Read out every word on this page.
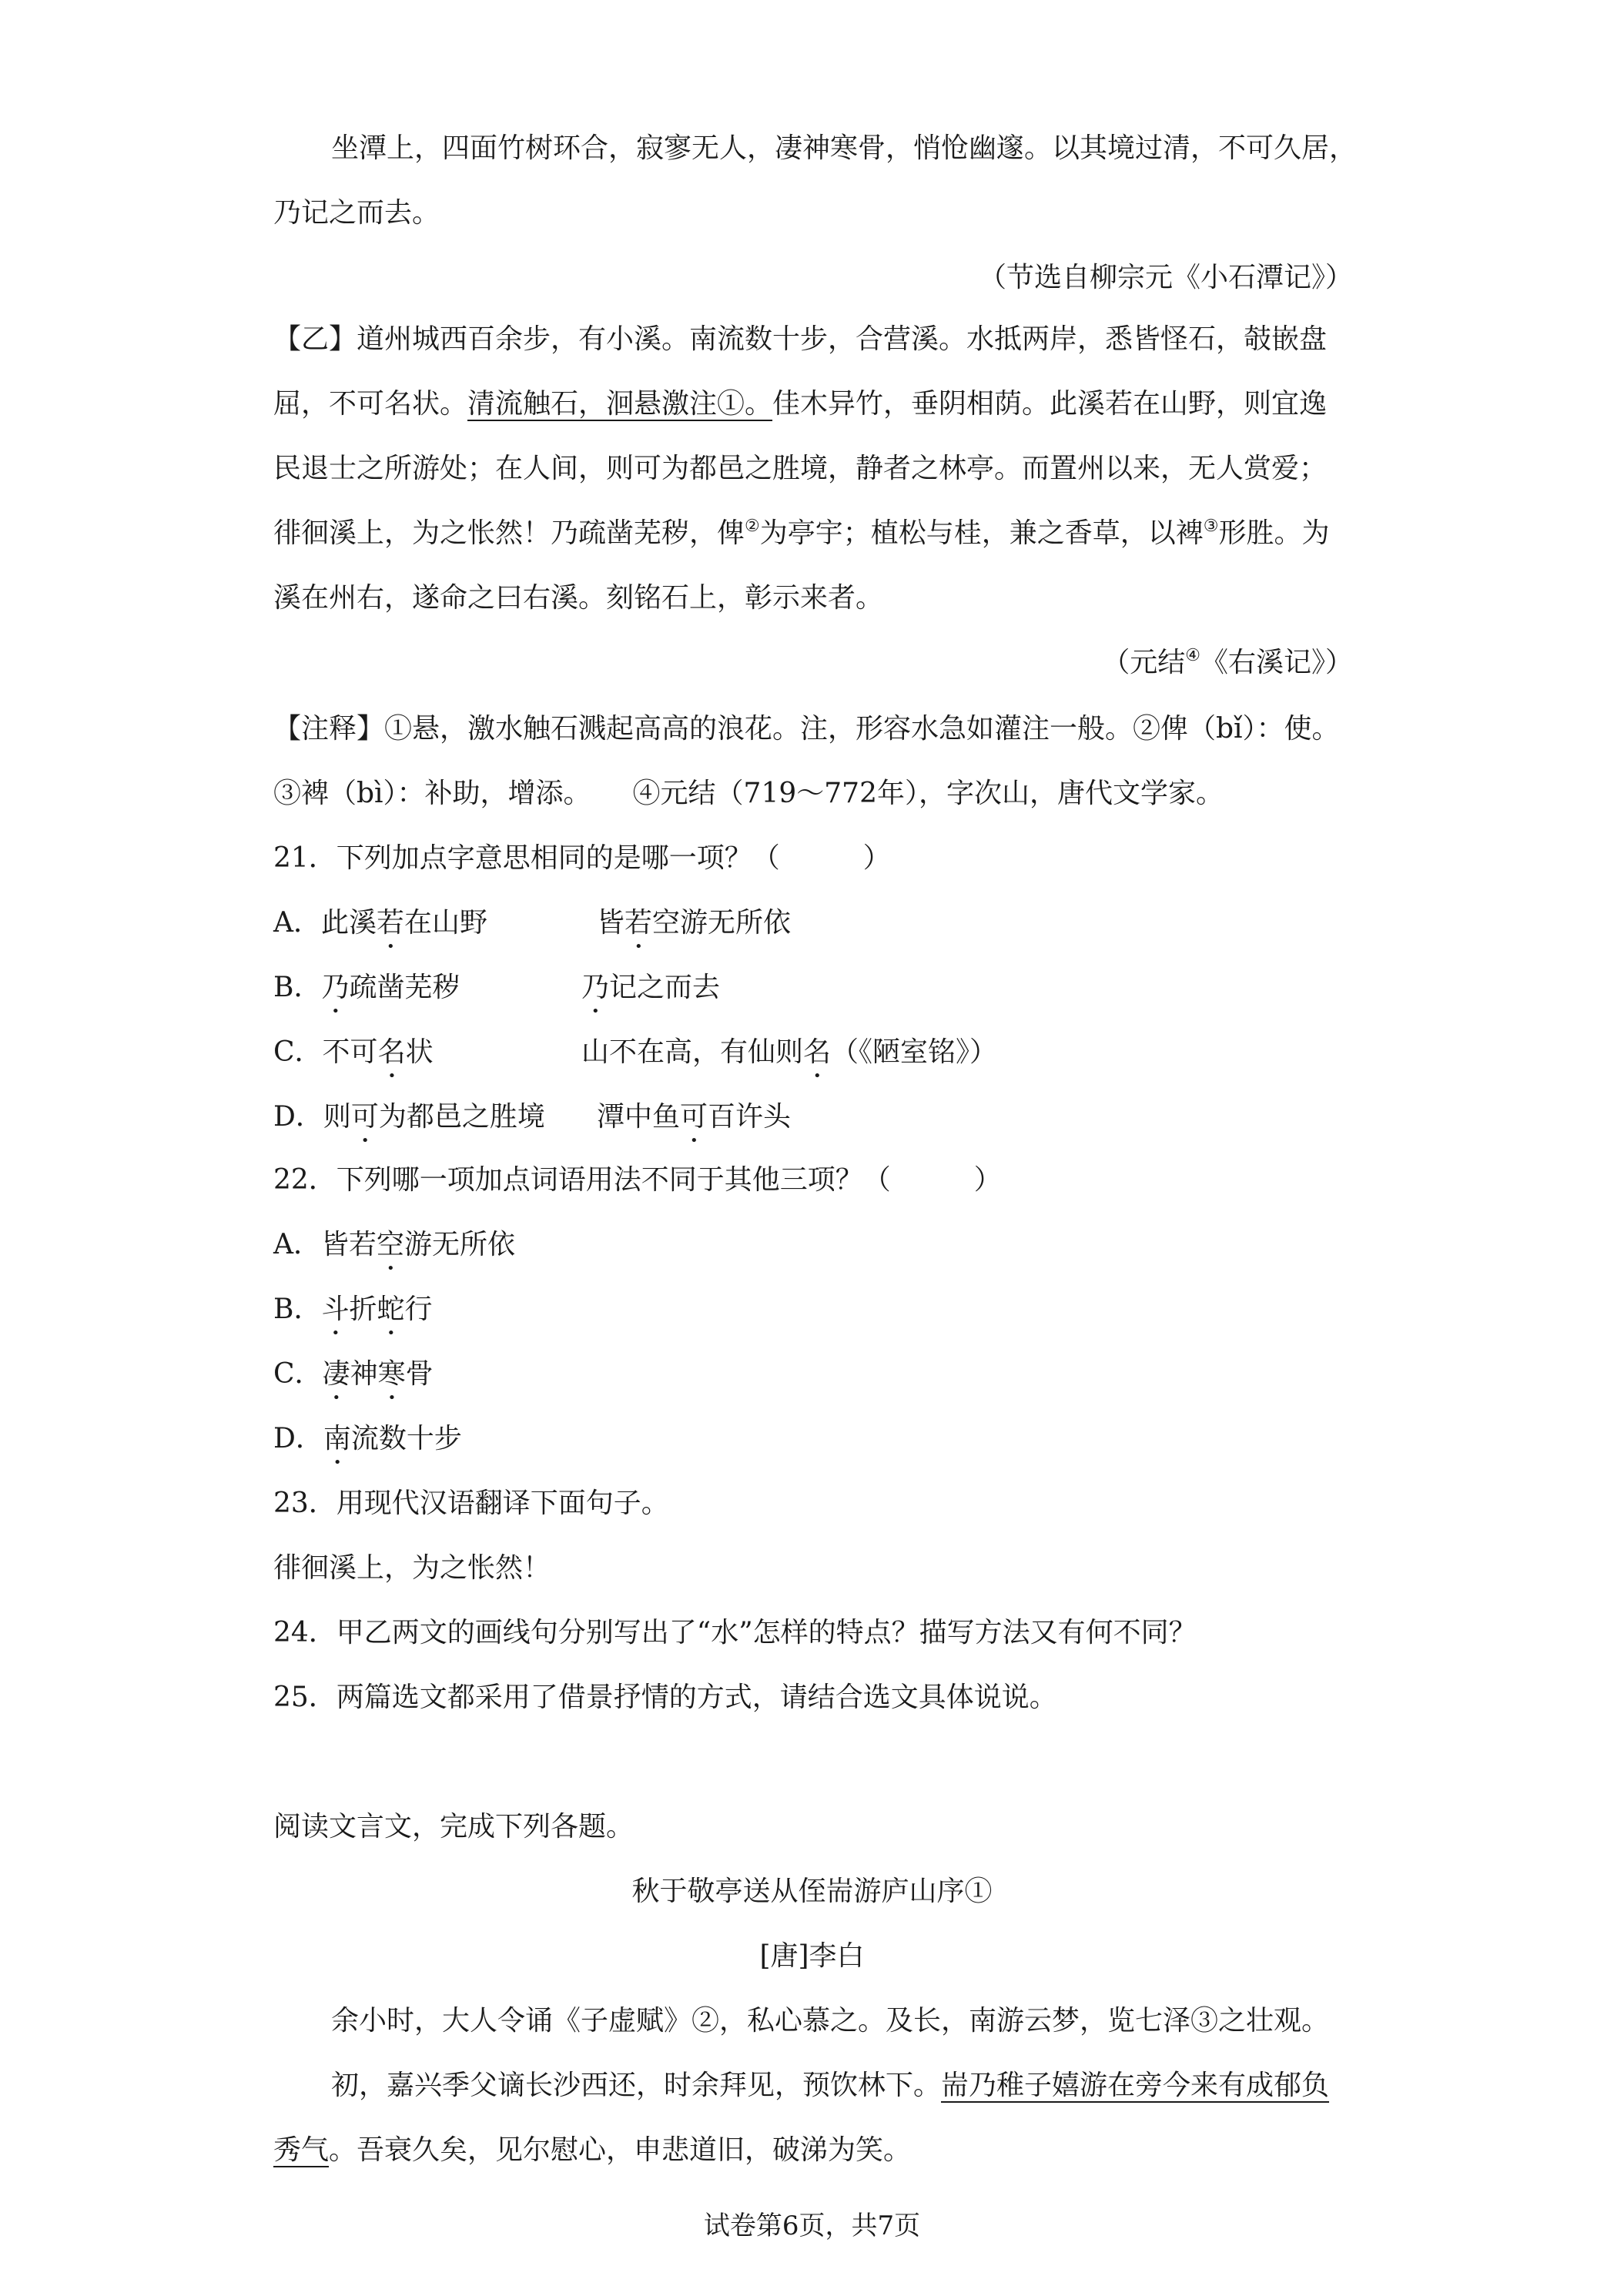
坐潭上，四面竹树环合，寂寥无人，凄神寒骨，悄怆幽邃。以其境过清，不可久居，

乃记之而去。

（节选自柳宗元《小石潭记》）

【乙】道州城西百余步，有小溪。南流数十步，合营溪。水抵两岸，悉皆怪石，攲嵌盘

屈，不可名状。清流触石，洄悬激注①。佳木异竹，垂阴相荫。此溪若在山野，则宜逸

民退士之所游处；在人间，则可为都邑之胜境，静者之林亭。而置州以来，无人赏爱；

徘徊溪上，为之怅然！乃疏凿芜秽，俾②为亭宇；植松与桂，兼之香草，以裨③形胜。为

溪在州右，遂命之曰右溪。刻铭石上，彰示来者。

（元结④《右溪记》）

【注释】①悬，激水触石溅起高高的浪花。注，形容水急如灌注一般。②俾（bǐ）：使。

③裨（bì）：补助，增添。　　④元结（719～772年），字次山，唐代文学家。

21．下列加点字意思相同的是哪一项？（　　　）

A．此溪若在山野	皆若空游无所依
B．乃疏凿芜秽	乃记之而去
C．不可名状	山不在高，有仙则名（《陋室铭》）
D．则可为都邑之胜境 潭中鱼可百许头

22．下列哪一项加点词语用法不同于其他三项？（　　　）

A．皆若空游无所依
B．斗折蛇行
C．凄神寒骨
D．南流数十步

23．用现代汉语翻译下面句子。

徘徊溪上，为之怅然！

24．甲乙两文的画线句分别写出了“水”怎样的特点？描写方法又有何不同？

25．两篇选文都采用了借景抒情的方式，请结合选文具体说说。

阅读文言文，完成下列各题。

秋于敬亭送从侄耑游庐山序①

[唐]李白

余小时，大人令诵《子虚赋》②，私心慕之。及长，南游云梦，览七泽③之壮观。

初，嘉兴季父谪长沙西还，时余拜见，预饮林下。耑乃稚子嬉游在旁今来有成郁负

秀气。吾衰久矣，见尔慰心，申悲道旧，破涕为笑。

试卷第6页，共7页
